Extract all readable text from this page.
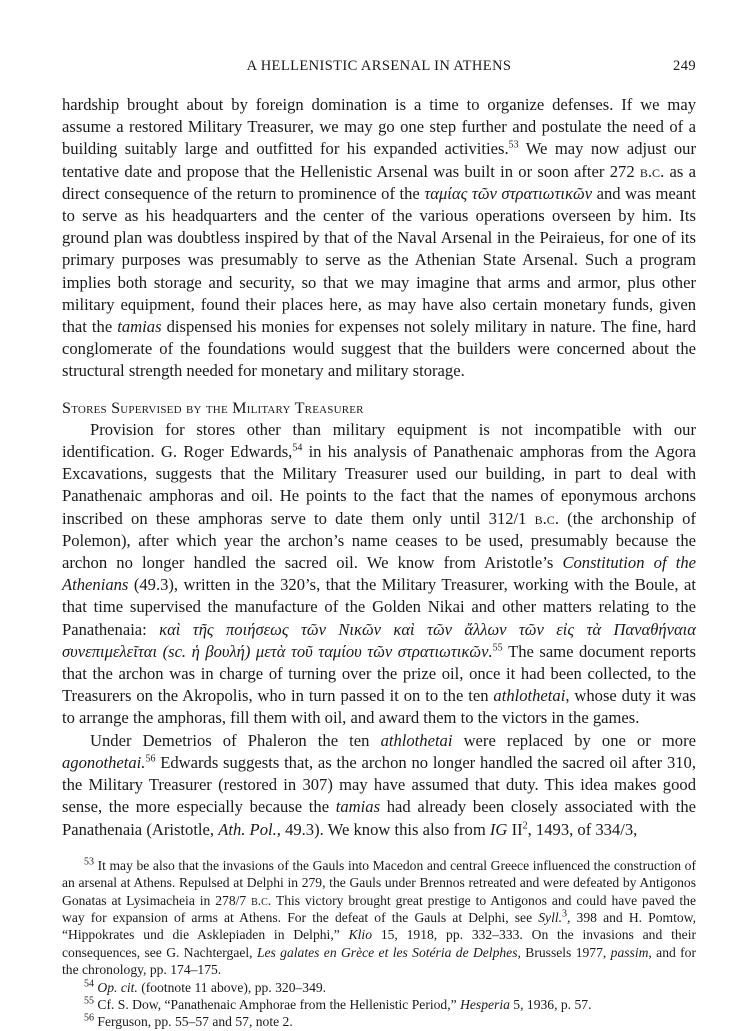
A HELLENISTIC ARSENAL IN ATHENS	249

hardship brought about by foreign domination is a time to organize defenses. If we may assume a restored Military Treasurer, we may go one step further and postulate the need of a building suitably large and outfitted for his expanded activities.$^{53}$ We may now adjust our tentative date and propose that the Hellenistic Arsenal was built in or soon after 272 b.c. as a direct consequence of the return to prominence of the ταμίας τῶν στρατιωτικῶν and was meant to serve as his headquarters and the center of the various operations overseen by him. Its ground plan was doubtless inspired by that of the Naval Arsenal in the Peiraieus, for one of its primary purposes was presumably to serve as the Athenian State Arsenal. Such a program implies both storage and security, so that we may imagine that arms and armor, plus other military equipment, found their places here, as may have also certain monetary funds, given that the tamias dispensed his monies for expenses not solely military in nature. The fine, hard conglomerate of the foundations would suggest that the builders were concerned about the structural strength needed for monetary and military storage.

Stores Supervised by the Military Treasurer

Provision for stores other than military equipment is not incompatible with our identification. G. Roger Edwards,$^{54}$ in his analysis of Panathenaic amphoras from the Agora Excavations, suggests that the Military Treasurer used our building, in part to deal with Panathenaic amphoras and oil. He points to the fact that the names of eponymous archons inscribed on these amphoras serve to date them only until 312/1 b.c. (the archonship of Polemon), after which year the archon’s name ceases to be used, presumably because the archon no longer handled the sacred oil. We know from Aristotle’s Constitution of the Athenians (49.3), written in the 320’s, that the Military Treasurer, working with the Boule, at that time supervised the manufacture of the Golden Nikai and other matters relating to the Panathenaia: καὶ τῆς ποιήσεως τῶν Νικῶν καὶ τῶν ἄλλων τῶν εἰς τὰ Παναθήναια συνεπιμελεῖται (sc. ἡ βουλή) μετὰ τοῦ ταμίου τῶν στρατιωτικῶν.$^{55}$ The same document reports that the archon was in charge of turning over the prize oil, once it had been collected, to the Treasurers on the Akropolis, who in turn passed it on to the ten athlothetai, whose duty it was to arrange the amphoras, fill them with oil, and award them to the victors in the games.

Under Demetrios of Phaleron the ten athlothetai were replaced by one or more agonothetai.$^{56}$ Edwards suggests that, as the archon no longer handled the sacred oil after 310, the Military Treasurer (restored in 307) may have assumed that duty. This idea makes good sense, the more especially because the tamias had already been closely associated with the Panathenaia (Aristotle, Ath. Pol., 49.3). We know this also from IG $II^2$, 1493, of 334/3,

$^{53}$ It may be also that the invasions of the Gauls into Macedon and central Greece influenced the construction of an arsenal at Athens. Repulsed at Delphi in 279, the Gauls under Brennos retreated and were defeated by Antigonos Gonatas at Lysimacheia in 278/7 b.c. This victory brought great prestige to Antigonos and could have paved the way for expansion of arms at Athens. For the defeat of the Gauls at Delphi, see Syll.$^3$, 398 and H. Pomtow, “Hippokrates und die Asklepiaden in Delphi,” Klio 15, 1918, pp. 332–333. On the invasions and their consequences, see G. Nachtergael, Les galates en Grèce et les Sotéria de Delphes, Brussels 1977, passim, and for the chronology, pp. 174–175.

$^{54}$ Op. cit. (footnote 11 above), pp. 320–349.

$^{55}$ Cf. S. Dow, “Panathenaic Amphorae from the Hellenistic Period,” Hesperia 5, 1936, p. 57.

$^{56}$ Ferguson, pp. 55–57 and 57, note 2.
